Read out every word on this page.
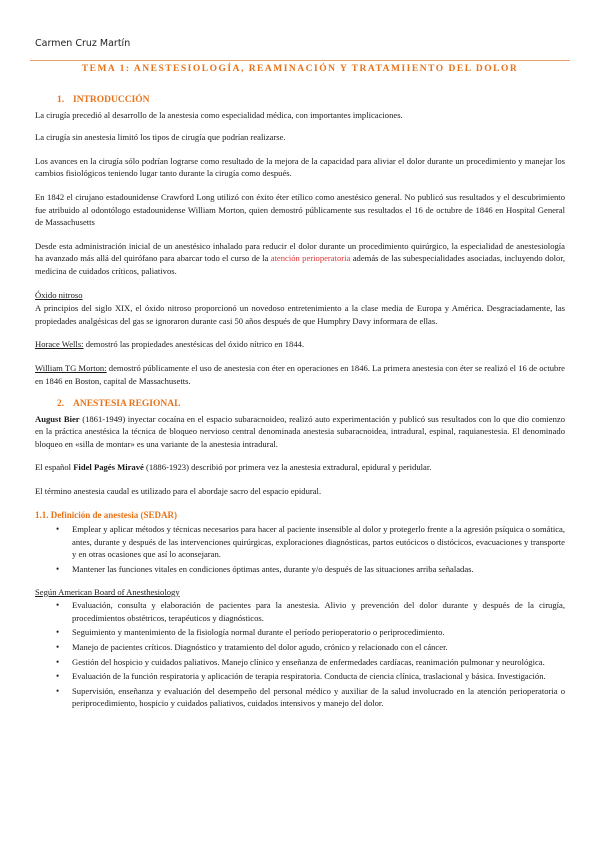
Carmen Cruz Martín
TEMA 1: ANESTESIOLOGÍA, REAMINACIÓN Y TRATAMIIENTO DEL DOLOR
1. INTRODUCCIÓN

La cirugía precedió al desarrollo de la anestesia como especialidad médica, con importantes implicaciones.

La cirugía sin anestesia limitó los tipos de cirugía que podrían realizarse.

Los avances en la cirugía sólo podrían lograrse como resultado de la mejora de la capacidad para aliviar el dolor durante un procedimiento y manejar los cambios fisiológicos teniendo lugar tanto durante la cirugía como después.

En 1842 el cirujano estadounidense Crawford Long utilizó con éxito éter etílico como anestésico general. No publicó sus resultados y el descubrimiento fue atribuido al odontólogo estadounidense William Morton, quien demostró públicamente sus resultados el 16 de octubre de 1846 en Hospital General de Massachusetts

Desde esta administración inicial de un anestésico inhalado para reducir el dolor durante un procedimiento quirúrgico, la especialidad de anestesiología ha avanzado más allá del quirófano para abarcar todo el curso de la atención perioperatoria además de las subespecialidades asociadas, incluyendo dolor, medicina de cuidados críticos, paliativos.

Óxido nitroso

A principios del siglo XIX, el óxido nitroso proporcionó un novedoso entretenimiento a la clase media de Europa y América. Desgraciadamente, las propiedades analgésicas del gas se ignoraron durante casi 50 años después de que Humphry Davy informara de ellas.

Horace Wells: demostró las propiedades anestésicas del óxido nítrico en 1844.

William TG Morton: demostró públicamente el uso de anestesia con éter en operaciones en 1846. La primera anestesia con éter se realizó el 16 de octubre en 1846 en Boston, capital de Massachusetts.

2. ANESTESIA REGIONAL

August Bier (1861-1949) inyectar cocaína en el espacio subaracnoideo, realizó auto experimentación y publicó sus resultados con lo que dio comienzo en la práctica anestésica la técnica de bloqueo nervioso central denominada anestesia subaracnoidea, intradural, espinal, raquianestesia. El denominado bloqueo en «silla de montar» es una variante de la anestesia intradural.

El español Fidel Pagés Miravé (1886-1923) describió por primera vez la anestesia extradural, epidural y peridular.

El término anestesia caudal es utilizado para el abordaje sacro del espacio epidural.

1.1. Definición de anestesia (SEDAR)
• Emplear y aplicar métodos y técnicas necesarios para hacer al paciente insensible al dolor y protegerlo frente a la agresión psíquica o somática, antes, durante y después de las intervenciones quirúrgicas, exploraciones diagnósticas, partos eutócicos o distócicos, evacuaciones y transporte y en otras ocasiones que así lo aconsejaran.
• Mantener las funciones vitales en condiciones óptimas antes, durante y/o después de las situaciones arriba señaladas.
Según American Board of Anesthesiology
• Evaluación, consulta y elaboración de pacientes para la anestesia. Alivio y prevención del dolor durante y después de la cirugía, procedimientos obstétricos, terapéuticos y diagnósticos.
• Seguimiento y mantenimiento de la fisiología normal durante el período perioperatorio o periprocedimiento.
• Manejo de pacientes críticos. Diagnóstico y tratamiento del dolor agudo, crónico y relacionado con el cáncer.
• Gestión del hospicio y cuidados paliativos. Manejo clínico y enseñanza de enfermedades cardíacas, reanimación pulmonar y neurológica.
• Evaluación de la función respiratoria y aplicación de terapia respiratoria. Conducta de ciencia clínica, traslacional y básica. Investigación.
• Supervisión, enseñanza y evaluación del desempeño del personal médico y auxiliar de la salud involucrado en la atención perioperatoria o periprocedimiento, hospicio y cuidados paliativos, cuidados intensivos y manejo del dolor.
